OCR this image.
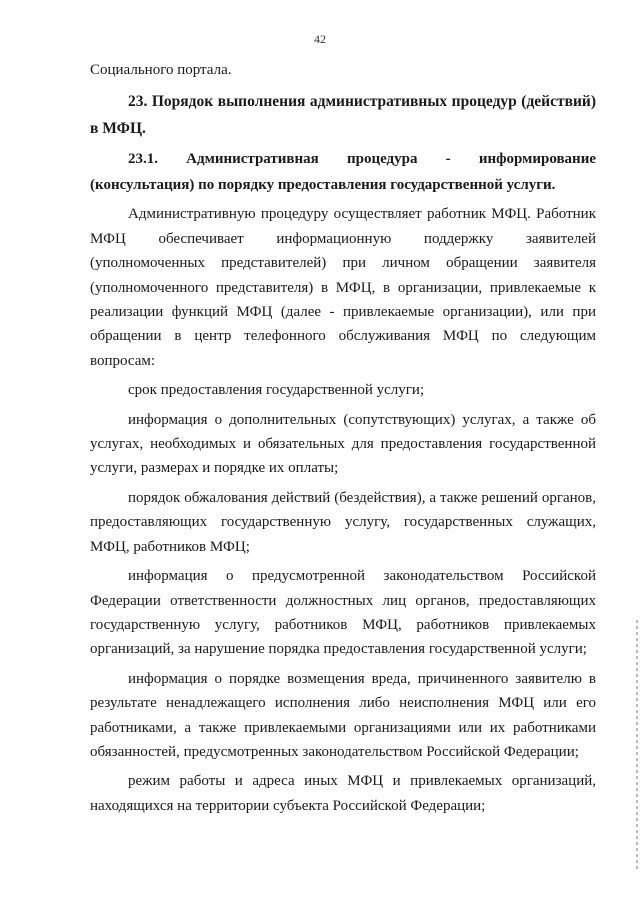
42

Социального портала.

23. Порядок выполнения административных процедур (действий) в МФЦ.

23.1. Административная процедура - информирование (консультация) по порядку предоставления государственной услуги.

Административную процедуру осуществляет работник МФЦ. Работник МФЦ обеспечивает информационную поддержку заявителей (уполномоченных представителей) при личном обращении заявителя (уполномоченного представителя) в МФЦ, в организации, привлекаемые к реализации функций МФЦ (далее - привлекаемые организации), или при обращении в центр телефонного обслуживания МФЦ по следующим вопросам:

срок предоставления государственной услуги;

информация о дополнительных (сопутствующих) услугах, а также об услугах, необходимых и обязательных для предоставления государственной услуги, размерах и порядке их оплаты;

порядок обжалования действий (бездействия), а также решений органов, предоставляющих государственную услугу, государственных служащих, МФЦ, работников МФЦ;

информация о предусмотренной законодательством Российской Федерации ответственности должностных лиц органов, предоставляющих государственную услугу, работников МФЦ, работников привлекаемых организаций, за нарушение порядка предоставления государственной услуги;

информация о порядке возмещения вреда, причиненного заявителю в результате ненадлежащего исполнения либо неисполнения МФЦ или его работниками, а также привлекаемыми организациями или их работниками обязанностей, предусмотренных законодательством Российской Федерации;

режим работы и адреса иных МФЦ и привлекаемых организаций, находящихся на территории субъекта Российской Федерации;
